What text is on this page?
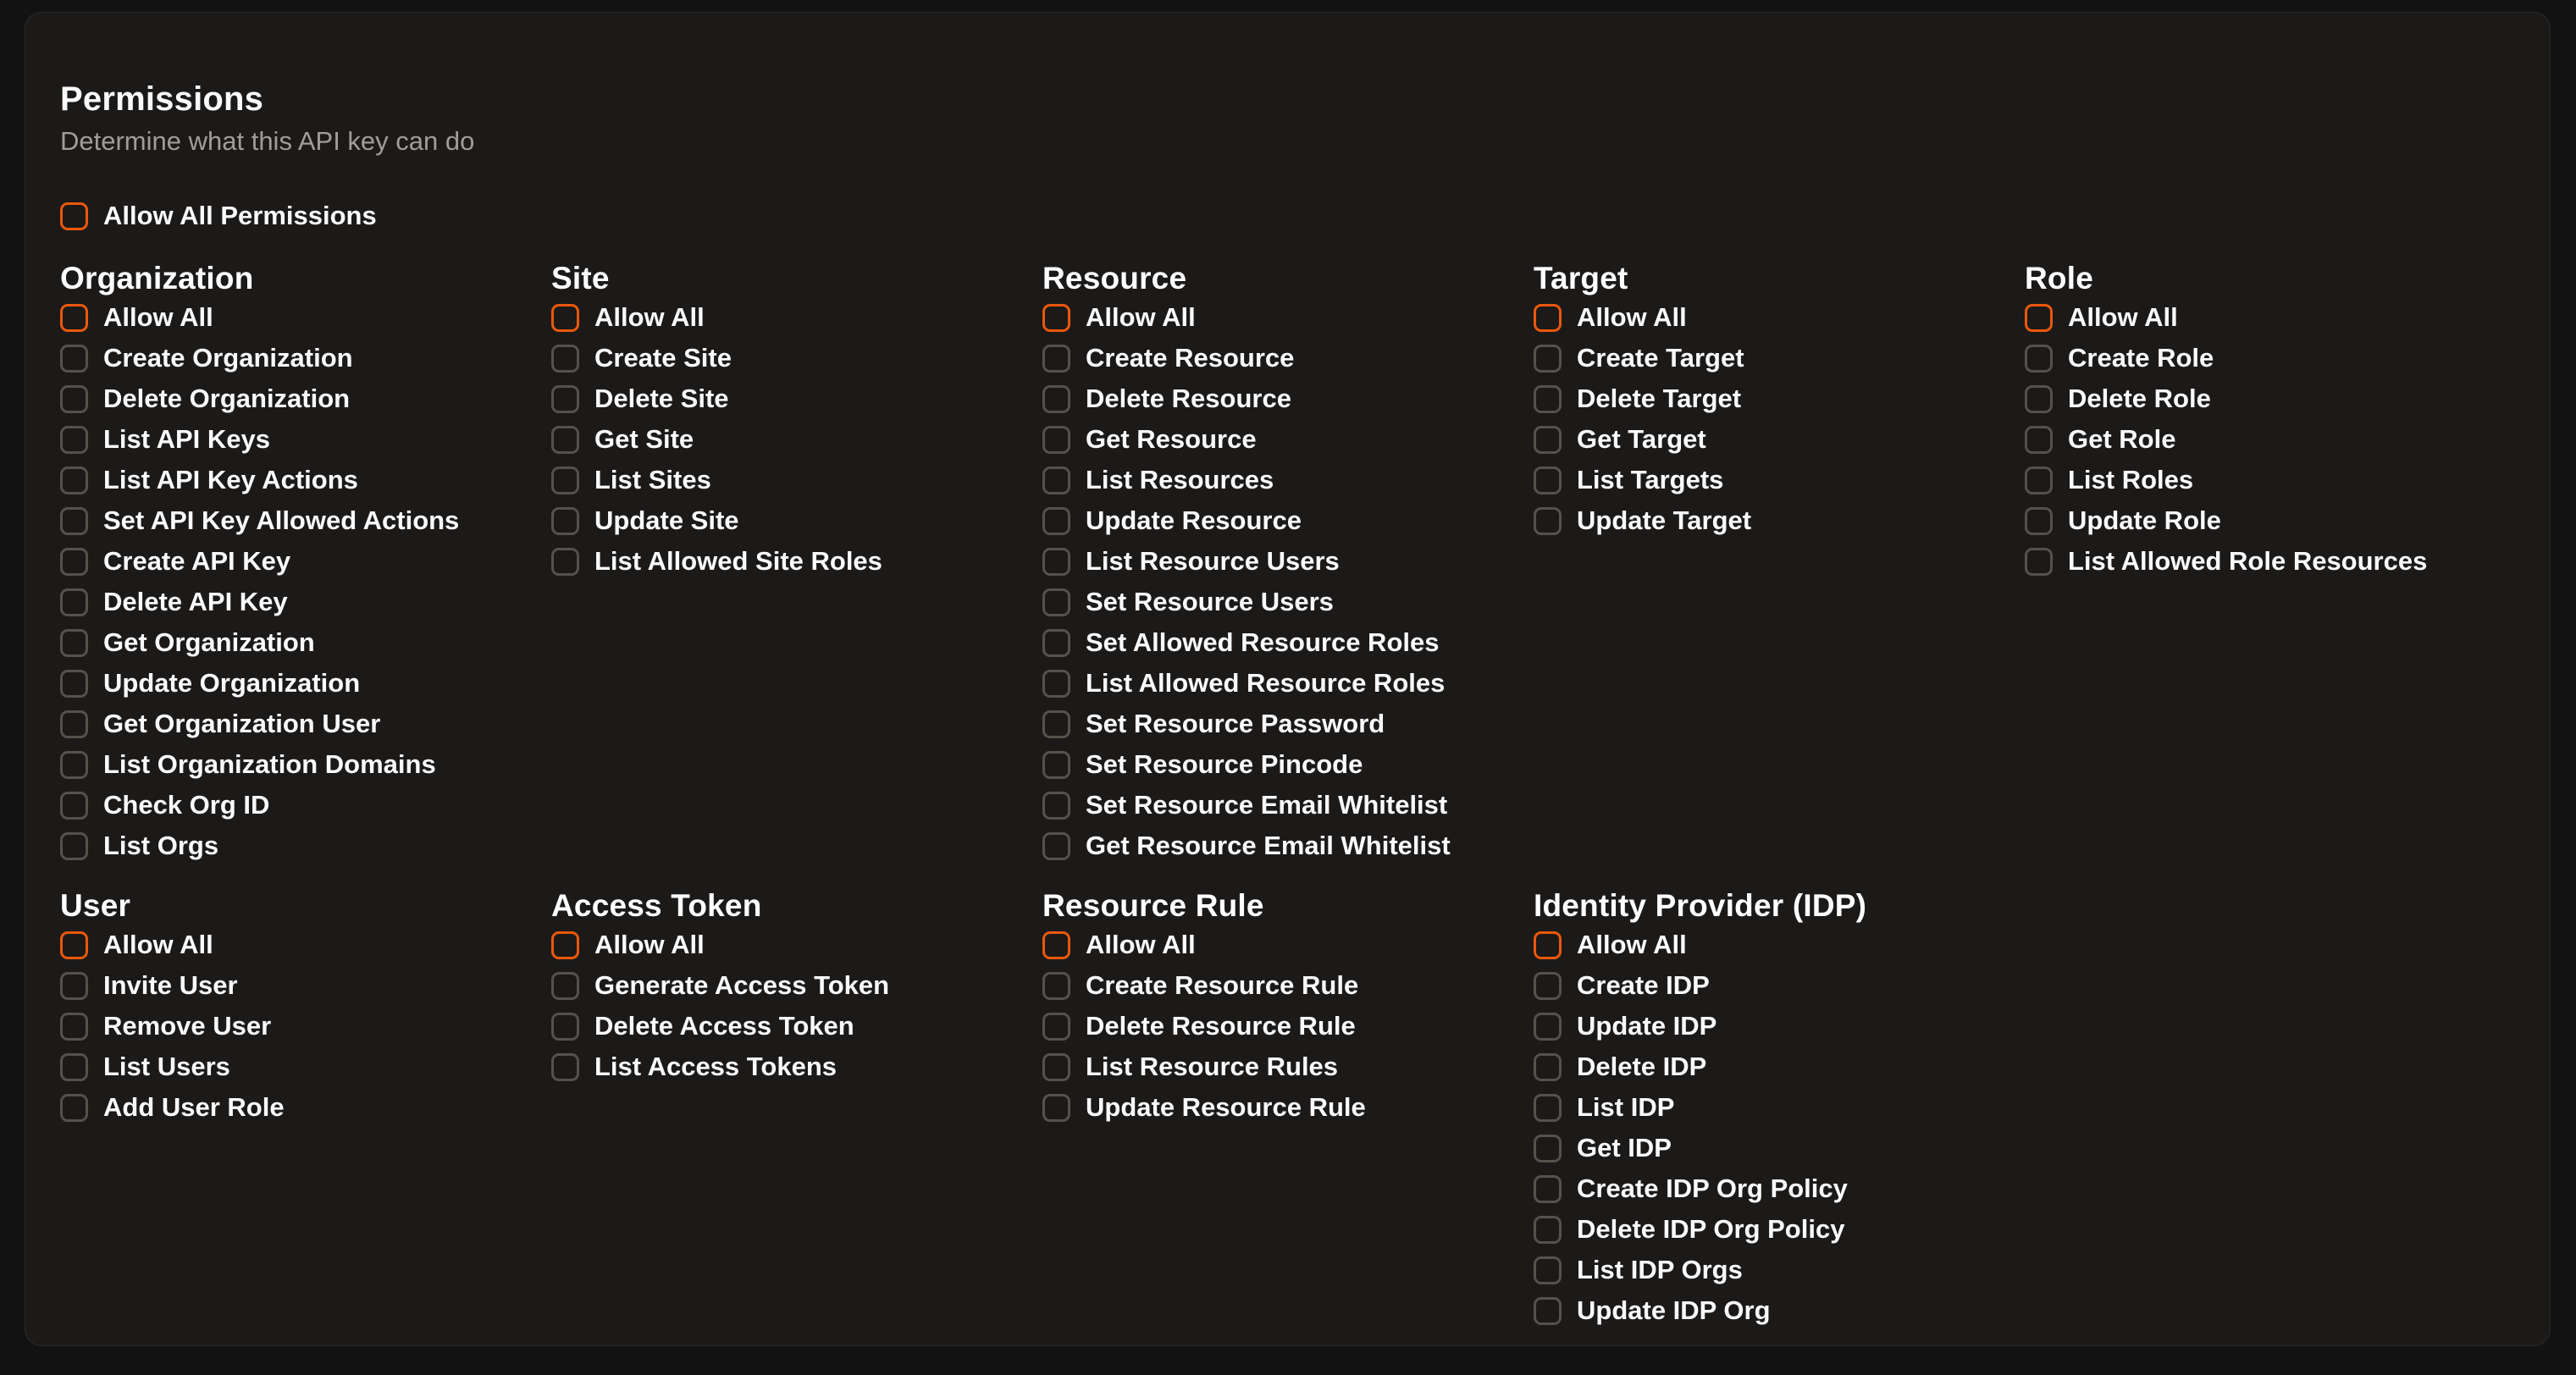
Permissions
Determine what this API key can do
Allow All Permissions
Organization
Allow All
Create Organization
Delete Organization
List API Keys
List API Key Actions
Set API Key Allowed Actions
Create API Key
Delete API Key
Get Organization
Update Organization
Get Organization User
List Organization Domains
Check Org ID
List Orgs
Site
Allow All
Create Site
Delete Site
Get Site
List Sites
Update Site
List Allowed Site Roles
Resource
Allow All
Create Resource
Delete Resource
Get Resource
List Resources
Update Resource
List Resource Users
Set Resource Users
Set Allowed Resource Roles
List Allowed Resource Roles
Set Resource Password
Set Resource Pincode
Set Resource Email Whitelist
Get Resource Email Whitelist
Target
Allow All
Create Target
Delete Target
Get Target
List Targets
Update Target
Role
Allow All
Create Role
Delete Role
Get Role
List Roles
Update Role
List Allowed Role Resources
User
Allow All
Invite User
Remove User
List Users
Add User Role
Access Token
Allow All
Generate Access Token
Delete Access Token
List Access Tokens
Resource Rule
Allow All
Create Resource Rule
Delete Resource Rule
List Resource Rules
Update Resource Rule
Identity Provider (IDP)
Allow All
Create IDP
Update IDP
Delete IDP
List IDP
Get IDP
Create IDP Org Policy
Delete IDP Org Policy
List IDP Orgs
Update IDP Org
